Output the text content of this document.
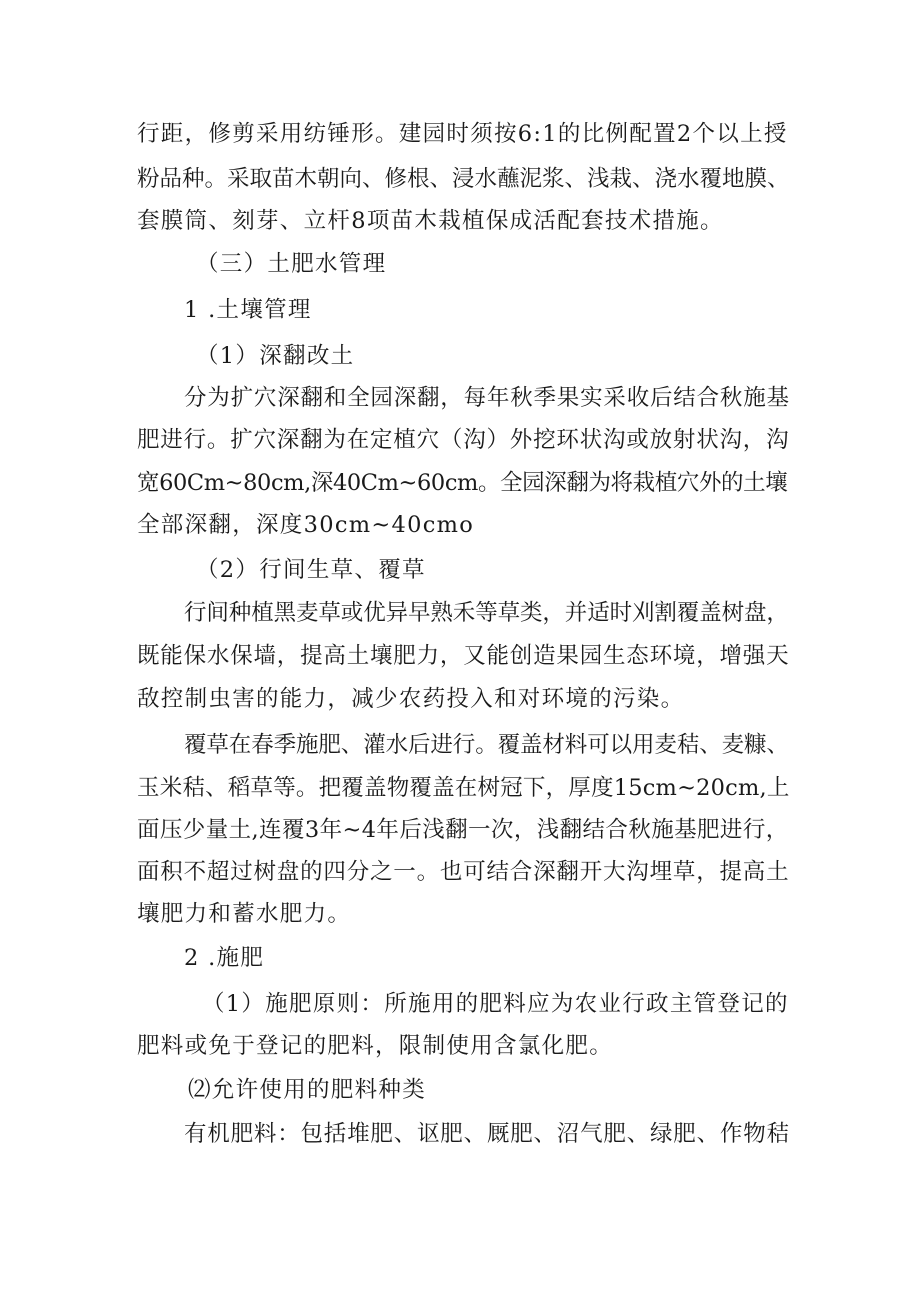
行距，修剪采用纺锤形。建园时须按6:1的比例配置2个以上授
粉品种。采取苗木朝向、修根、浸水蘸泥浆、浅栽、浇水覆地膜、
套膜筒、刻芽、立杆8项苗木栽植保成活配套技术措施。
（三）土肥水管理
1 .土壤管理
（1）深翻改土
分为扩穴深翻和全园深翻，每年秋季果实采收后结合秋施基
肥进行。扩穴深翻为在定植穴（沟）外挖环状沟或放射状沟，沟
宽60Cm~80cm,深40Cm~60cm。全园深翻为将栽植穴外的土壤
全部深翻，深度30cm~40cmo
（2）行间生草、覆草
行间种植黑麦草或优异早熟禾等草类，并适时刈割覆盖树盘，
既能保水保墙，提高土壤肥力，又能创造果园生态环境，增强天
敌控制虫害的能力，减少农药投入和对环境的污染。
覆草在春季施肥、灌水后进行。覆盖材料可以用麦秸、麦糠、
玉米秸、稻草等。把覆盖物覆盖在树冠下，厚度15cm~20cm,上
面压少量土,连覆3年~4年后浅翻一次，浅翻结合秋施基肥进行，
面积不超过树盘的四分之一。也可结合深翻开大沟埋草，提高土
壤肥力和蓄水肥力。
2 .施肥
（1）施肥原则：所施用的肥料应为农业行政主管登记的
肥料或免于登记的肥料，限制使用含氯化肥。
⑵允许使用的肥料种类
有机肥料：包括堆肥、讴肥、厩肥、沼气肥、绿肥、作物秸
